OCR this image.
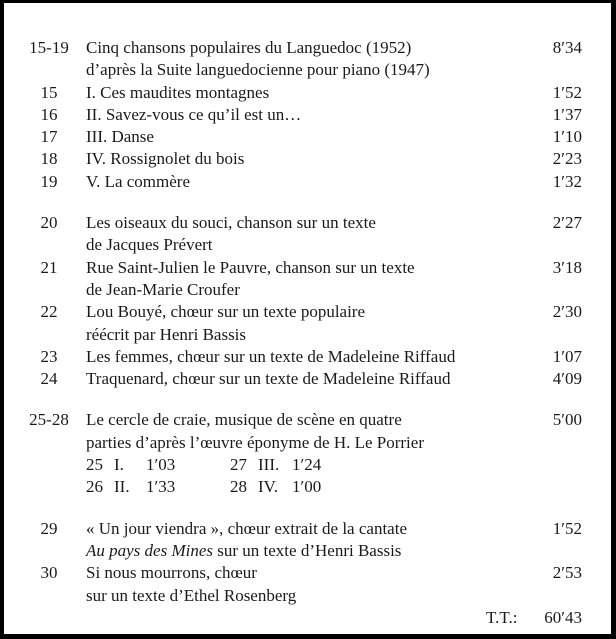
15-19	Cinq chansons populaires du Languedoc (1952)	8′34
d’après la Suite languedocienne pour piano (1947)
15	I. Ces maudites montagnes	1′52
16	II. Savez-vous ce qu’il est un…	1′37
17	III. Danse	1′10
18	IV. Rossignolet du bois	2′23
19	V. La commère	1′32
20	Les oiseaux du souci, chanson sur un texte	2′27
de Jacques Prévert
21	Rue Saint-Julien le Pauvre, chanson sur un texte	3′18
de Jean-Marie Croufer
22	Lou Bouyé, chœur sur un texte populaire	2′30
réécrit par Henri Bassis
23	Les femmes, chœur sur un texte de Madeleine Riffaud	1′07
24	Traquenard, chœur sur un texte de Madeleine Riffaud	4′09
25-28	Le cercle de craie, musique de scène en quatre	5′00
parties d’après l’œuvre éponyme de H. Le Porrier
25 I. 1′03	27 III. 1′24
26 II. 1′33	28 IV. 1′00
29	« Un jour viendra », chœur extrait de la cantate	1′52
Au pays des Mines sur un texte d’Henri Bassis
30	Si nous mourrons, chœur	2′53
sur un texte d’Ethel Rosenberg
T.T.: 60′43
